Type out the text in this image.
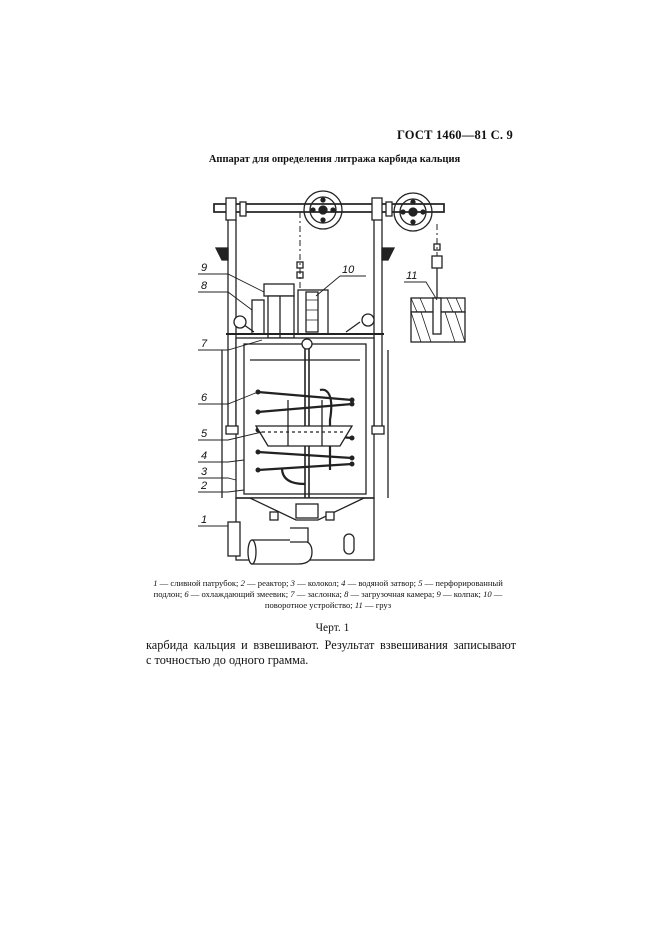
ГОСТ 1460—81 С. 9
Аппарат для определения литража карбида кальция
9
8
10
7
6
5
4
3
2
1
11
1 — сливной патрубок; 2 — реактор; 3 — колокол; 4 — водяной затвор; 5 — перфорированный подлон; 6 — охлаждающий змеевик; 7 — заслонка; 8 — загрузочная камера; 9 — колпак; 10 — поворотное устройство; 11 — груз
Черт. 1
карбида кальция и взвешивают. Результат взвешивания записывают
с точностью до одного грамма.
